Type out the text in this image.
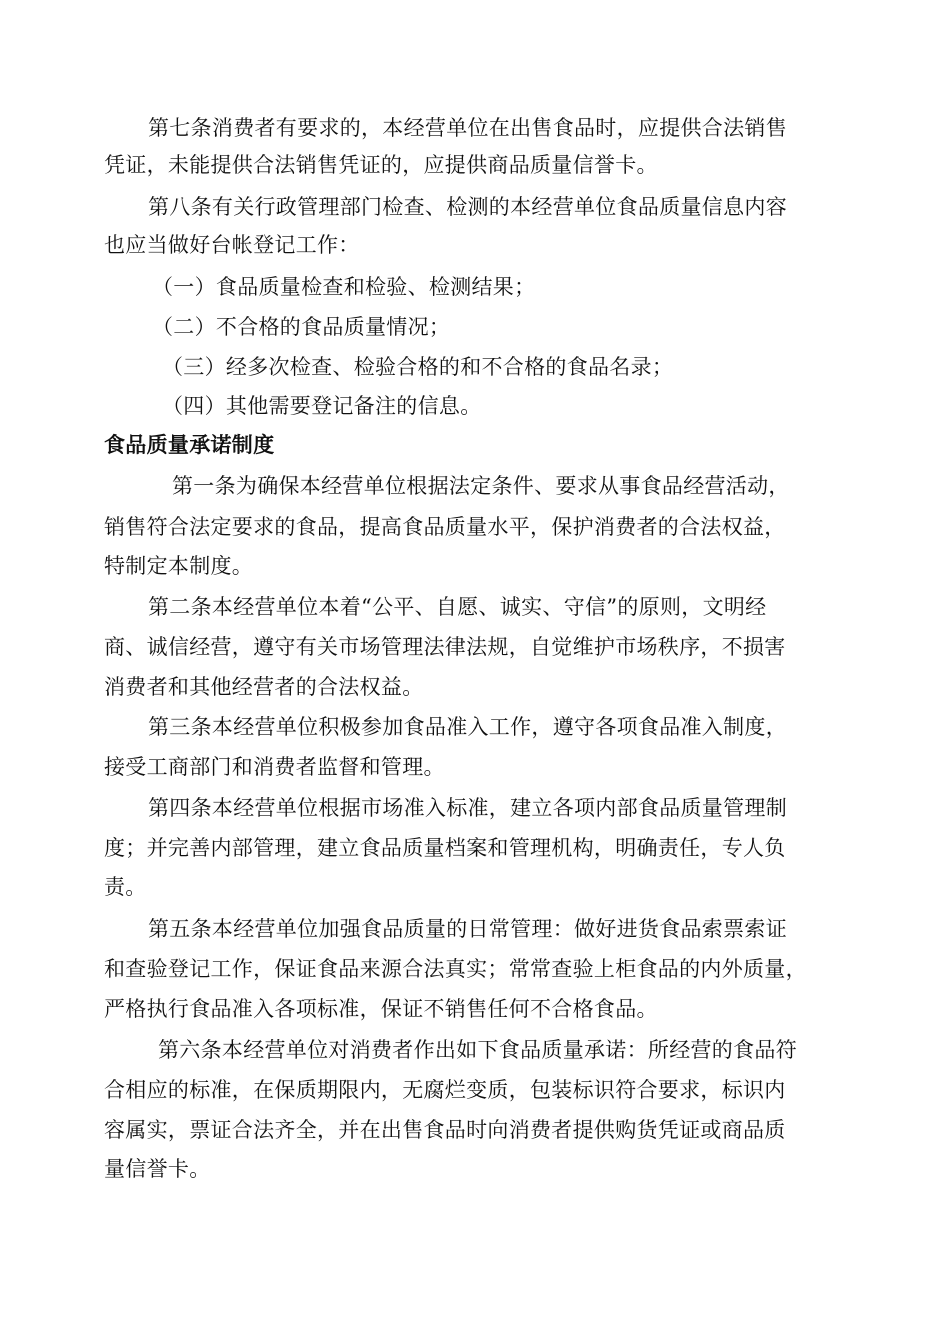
第七条消费者有要求的，本经营单位在出售食品时，应提供合法销售
凭证，未能提供合法销售凭证的，应提供商品质量信誉卡。
第八条有关行政管理部门检查、检测的本经营单位食品质量信息内容
也应当做好台帐登记工作：
（一）食品质量检查和检验、检测结果；
（二）不合格的食品质量情况；
（三）经多次检查、检验合格的和不合格的食品名录；
（四）其他需要登记备注的信息。
食品质量承诺制度
第一条为确保本经营单位根据法定条件、要求从事食品经营活动，
销售符合法定要求的食品，提高食品质量水平，保护消费者的合法权益，
特制定本制度。
第二条本经营单位本着“公平、自愿、诚实、守信”的原则，文明经
商、诚信经营，遵守有关市场管理法律法规，自觉维护市场秩序，不损害
消费者和其他经营者的合法权益。
第三条本经营单位积极参加食品准入工作，遵守各项食品准入制度，
接受工商部门和消费者监督和管理。
第四条本经营单位根据市场准入标准，建立各项内部食品质量管理制
度；并完善内部管理，建立食品质量档案和管理机构，明确责任，专人负
责。
第五条本经营单位加强食品质量的日常管理：做好进货食品索票索证
和查验登记工作，保证食品来源合法真实；常常查验上柜食品的内外质量，
严格执行食品准入各项标准，保证不销售任何不合格食品。
第六条本经营单位对消费者作出如下食品质量承诺：所经营的食品符
合相应的标准，在保质期限内，无腐烂变质，包装标识符合要求，标识内
容属实，票证合法齐全，并在出售食品时向消费者提供购货凭证或商品质
量信誉卡。
